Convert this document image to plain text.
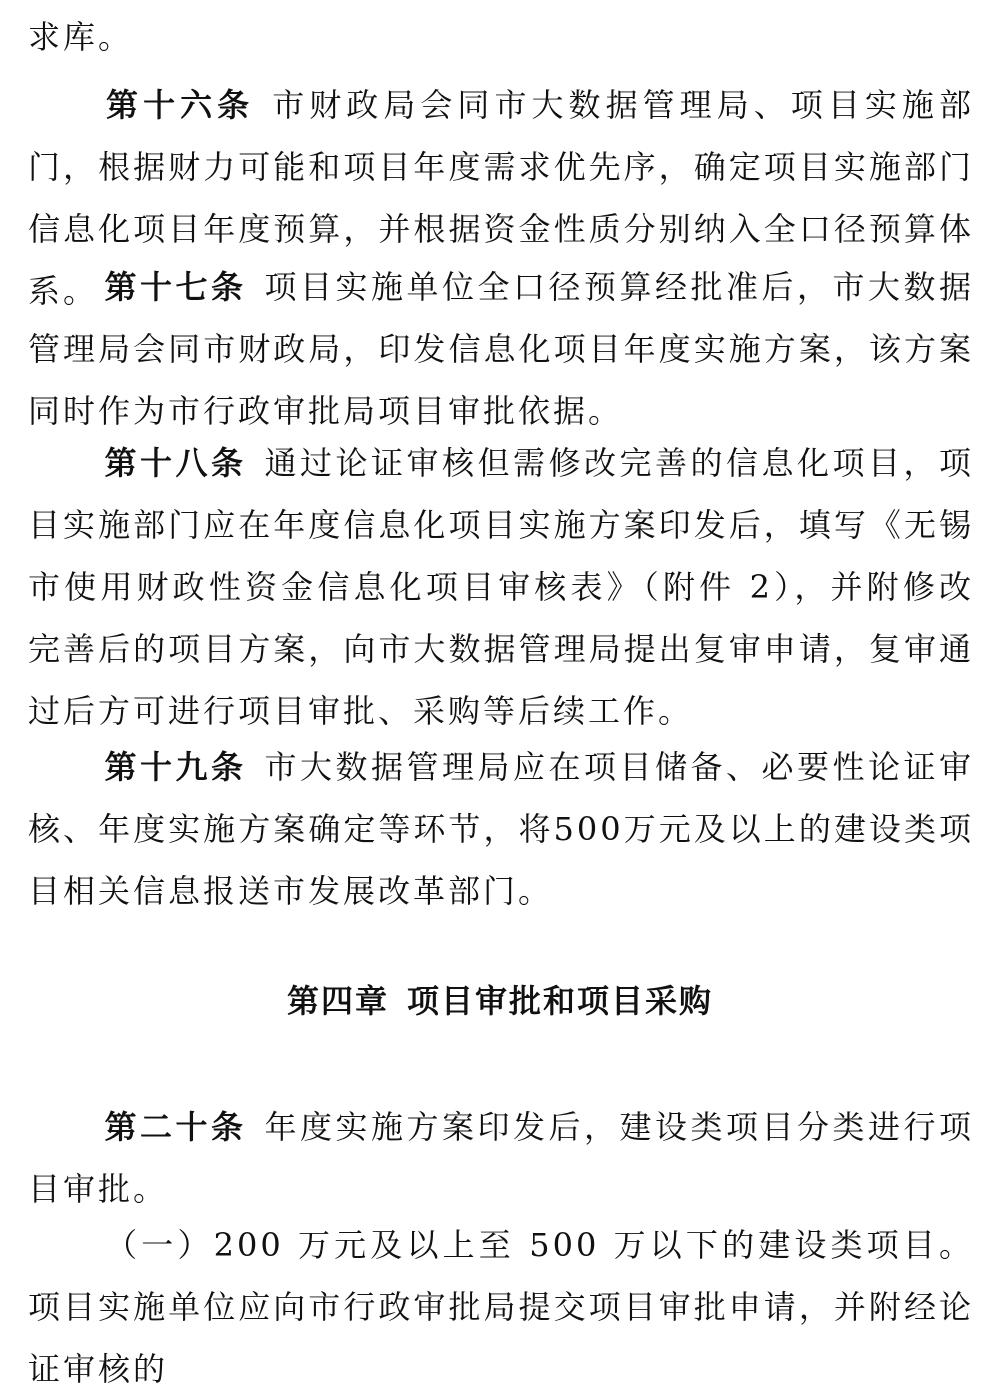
求库。

第十六条 市财政局会同市大数据管理局、项目实施部门，根据财力可能和项目年度需求优先序，确定项目实施部门信息化项目年度预算，并根据资金性质分别纳入全口径预算体系。 第十七条 项目实施单位全口径预算经批准后，市大数据管理局会同市财政局，印发信息化项目年度实施方案，该方案同时作为市行政审批局项目审批依据。

第十八条 通过论证审核但需修改完善的信息化项目，项目实施部门应在年度信息化项目实施方案印发后，填写《无锡市使用财政性资金信息化项目审核表》（附件 2），并附修改完善后的项目方案，向市大数据管理局提出复审申请，复审通过后方可进行项目审批、采购等后续工作。

第十九条 市大数据管理局应在项目储备、必要性论证审核、年度实施方案确定等环节，将500万元及以上的建设类项目相关信息报送市发展改革部门。

第四章 项目审批和项目采购

第二十条 年度实施方案印发后，建设类项目分类进行项目审批。

（一）200 万元及以上至 500 万以下的建设类项目。项目实施单位应向市行政审批局提交项目审批申请，并附经论证审核的
